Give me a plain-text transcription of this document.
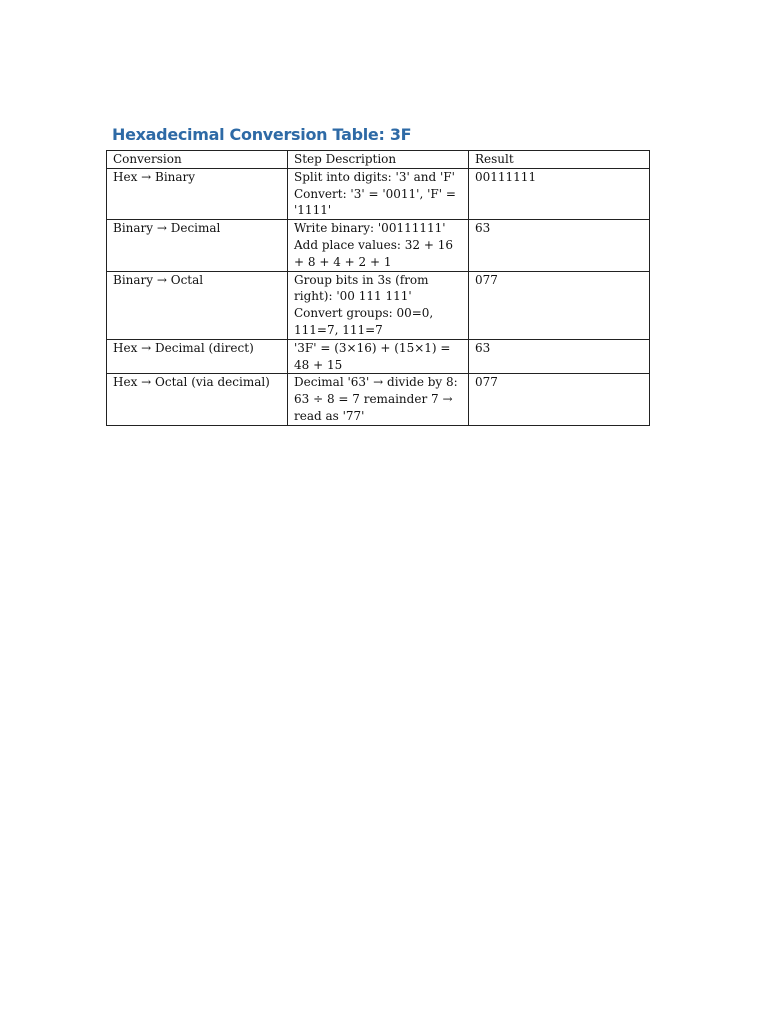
Hexadecimal Conversion Table: 3F
Conversion	Step Description	Result
Hex → Binary	Split into digits: '3' and 'F' Convert: '3' = '0011', 'F' = '1111'	00111111
Binary → Decimal	Write binary: '00111111' Add place values: 32 + 16 + 8 + 4 + 2 + 1	63
Binary → Octal	Group bits in 3s (from right): '00 111 111' Convert groups: 00=0, 111=7, 111=7	077
Hex → Decimal (direct)	'3F' = (3×16) + (15×1) = 48 + 15	63
Hex → Octal (via decimal)	Decimal '63' → divide by 8: 63 ÷ 8 = 7 remainder 7 → read as '77'	077
